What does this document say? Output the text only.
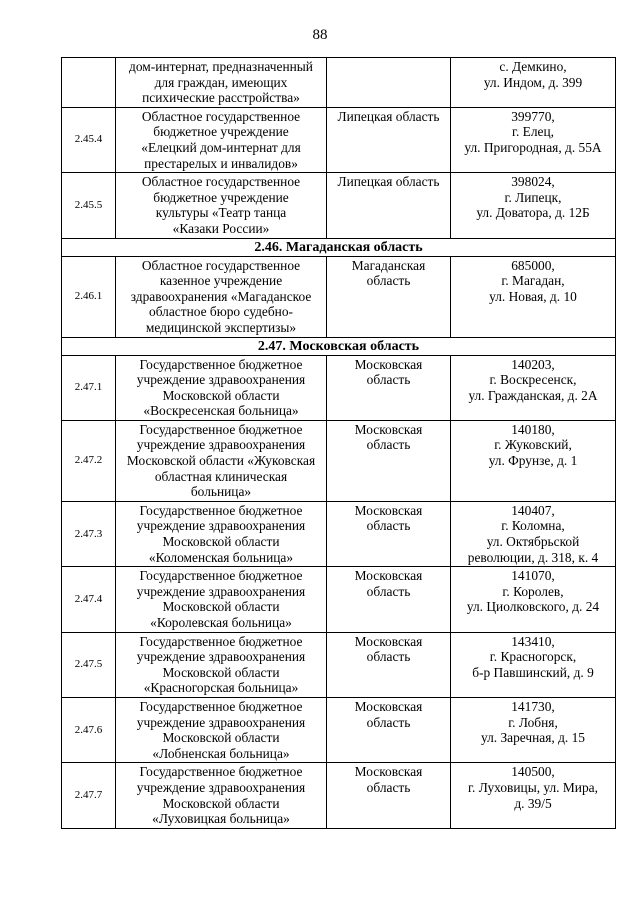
88

	дом-интернат, предназначенный
для граждан, имеющих
психические расстройства»		с. Демкино,
ул. Индом, д. 399

2.45.4	Областное государственное
бюджетное учреждение
«Елецкий дом-интернат для
престарелых и инвалидов»	Липецкая область	399770,
г. Елец,
ул. Пригородная, д. 55А

2.45.5	Областное государственное
бюджетное учреждение
культуры «Театр танца
«Казаки России»	Липецкая область	398024,
г. Липецк,
ул. Доватора, д. 12Б

2.46. Магаданская область			
2.46.1	Областное государственное
казенное учреждение
здравоохранения «Магаданское
областное бюро судебно-
медицинской экспертизы»	Магаданская
область	685000,
г. Магадан,
ул. Новая, д. 10

2.47. Московская область			
2.47.1	Государственное бюджетное
учреждение здравоохранения
Московской области
«Воскресенская больница»	Московская
область	140203,
г. Воскресенск,
ул. Гражданская, д. 2А

2.47.2	Государственное бюджетное
учреждение здравоохранения
Московской области «Жуковская
областная клиническая
больница»	Московская
область	140180,
г. Жуковский,
ул. Фрунзе, д. 1

2.47.3	Государственное бюджетное
учреждение здравоохранения
Московской области
«Коломенская больница»	Московская
область	140407,
г. Коломна,
ул. Октябрьской
революции, д. 318, к. 4

2.47.4	Государственное бюджетное
учреждение здравоохранения
Московской области
«Королевская больница»	Московская
область	141070,
г. Королев,
ул. Циолковского, д. 24

2.47.5	Государственное бюджетное
учреждение здравоохранения
Московской области
«Красногорская больница»	Московская
область	143410,
г. Красногорск,
б-р Павшинский, д. 9

2.47.6	Государственное бюджетное
учреждение здравоохранения
Московской области
«Лобненская больница»	Московская
область	141730,
г. Лобня,
ул. Заречная, д. 15

2.47.7	Государственное бюджетное
учреждение здравоохранения
Московской области
«Луховицкая больница»	Московская
область	140500,
г. Луховицы, ул. Мира,
д. 39/5
